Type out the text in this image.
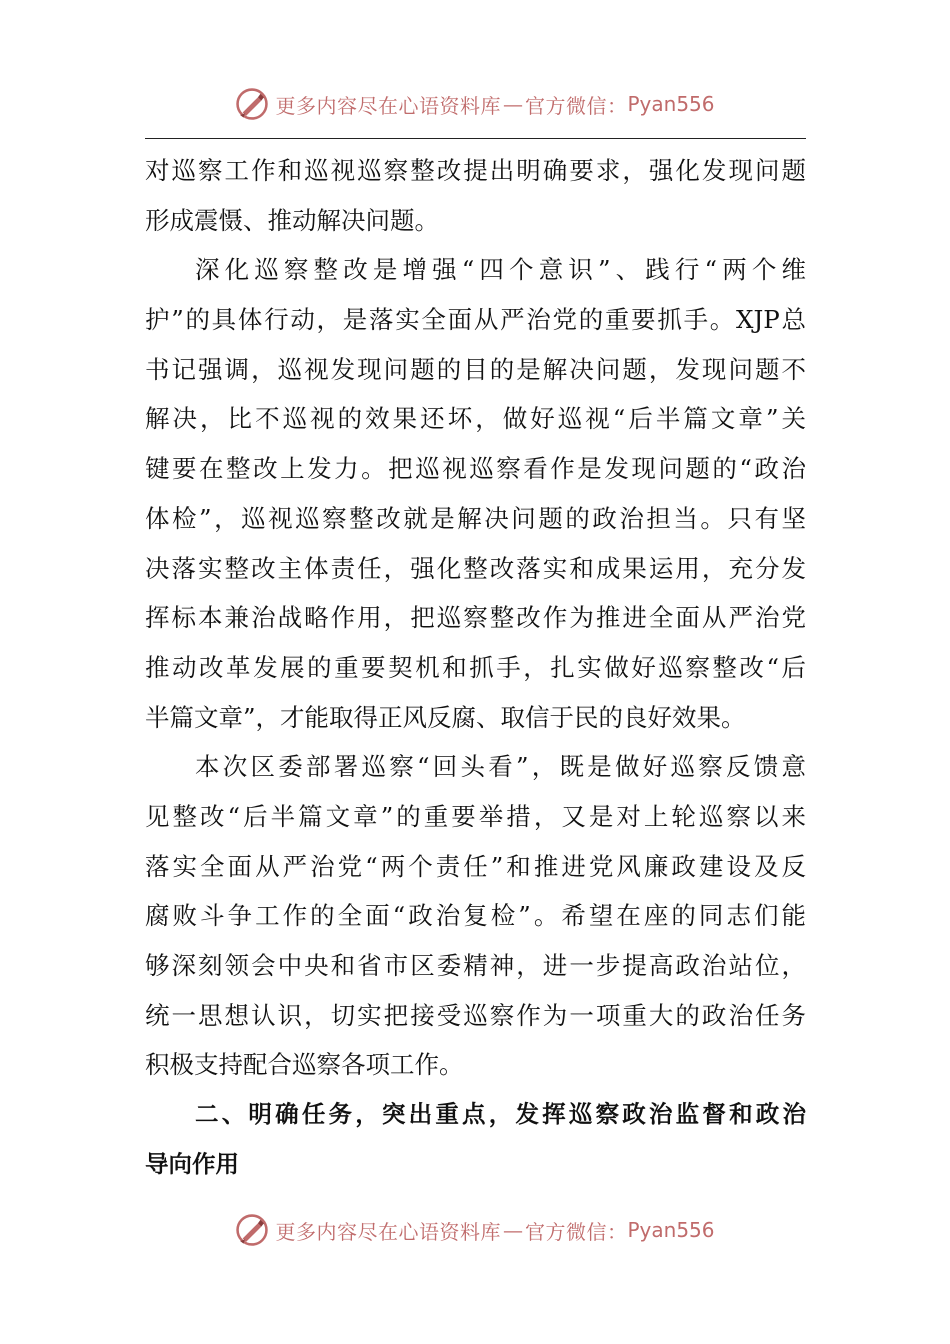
更多内容尽在心语资料库 — 官方微信： Pyan556
对巡察工作和巡视巡察整改提出明确要求，强化发现问题
形成震慑、推动解决问题。
深化巡察整改是增强“四个意识”、践行“两个维
护”的具体行动，是落实全面从严治党的重要抓手。XJP总
书记强调，巡视发现问题的目的是解决问题，发现问题不
解决，比不巡视的效果还坏，做好巡视“后半篇文章”关
键要在整改上发力。把巡视巡察看作是发现问题的“政治
体检”，巡视巡察整改就是解决问题的政治担当。只有坚
决落实整改主体责任，强化整改落实和成果运用，充分发
挥标本兼治战略作用，把巡察整改作为推进全面从严治党
推动改革发展的重要契机和抓手，扎实做好巡察整改“后
半篇文章”，才能取得正风反腐、取信于民的良好效果。
本次区委部署巡察“回头看”，既是做好巡察反馈意
见整改“后半篇文章”的重要举措，又是对上轮巡察以来
落实全面从严治党“两个责任”和推进党风廉政建设及反
腐败斗争工作的全面“政治复检”。希望在座的同志们能
够深刻领会中央和省市区委精神，进一步提高政治站位，
统一思想认识，切实把接受巡察作为一项重大的政治任务
积极支持配合巡察各项工作。
二、明确任务，突出重点，发挥巡察政治监督和政治
导向作用
更多内容尽在心语资料库 — 官方微信： Pyan556
